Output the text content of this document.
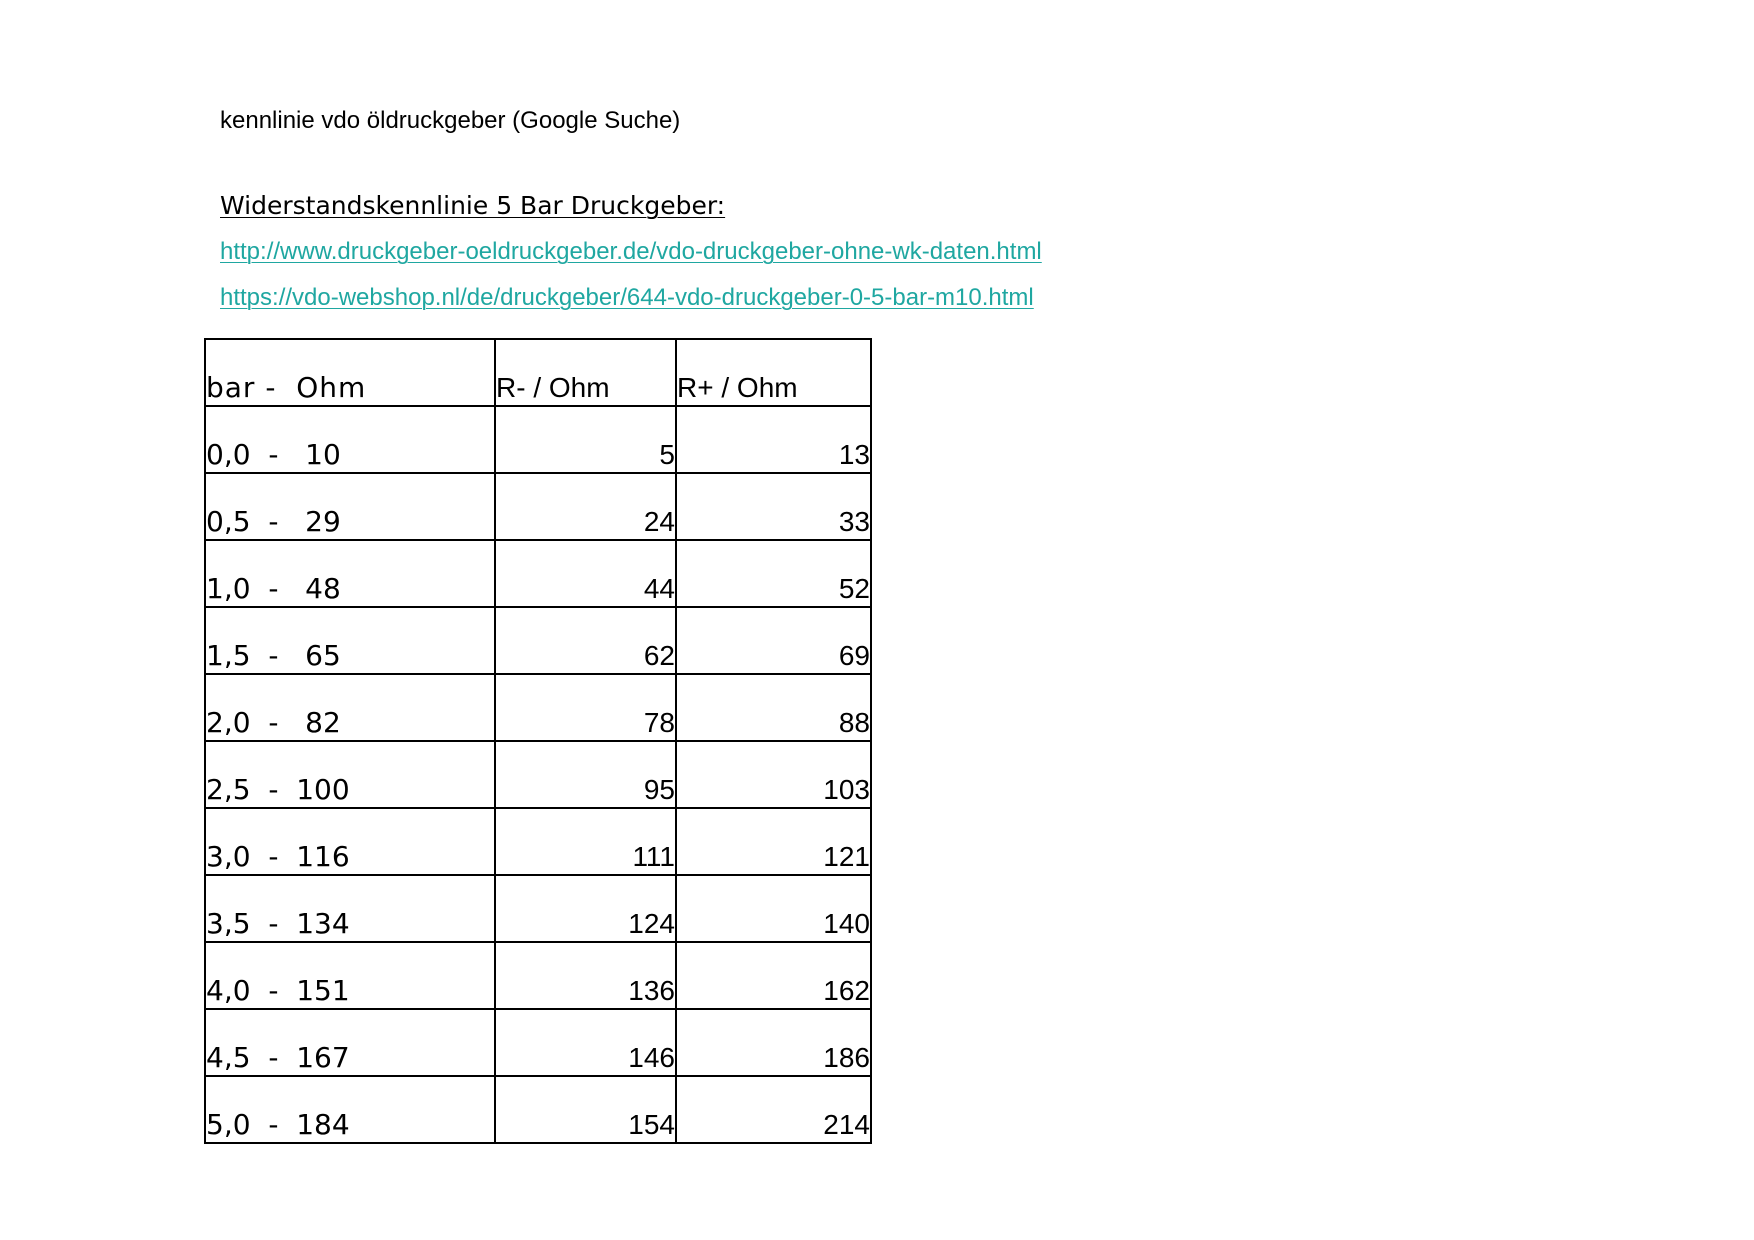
kennlinie vdo öldruckgeber (Google Suche)
Widerstandskennlinie 5 Bar Druckgeber:
http://www.druckgeber-oeldruckgeber.de/vdo-druckgeber-ohne-wk-daten.html
https://vdo-webshop.nl/de/druckgeber/644-vdo-druckgeber-0-5-bar-m10.html
bar -  Ohm	R- / Ohm	R+ / Ohm
0,0  -   10	5	13
0,5  -   29	24	33
1,0  -   48	44	52
1,5  -   65	62	69
2,0  -   82	78	88
2,5  -  100	95	103
3,0  -  116	111	121
3,5  -  134	124	140
4,0  -  151	136	162
4,5  -  167	146	186
5,0  -  184	154	214
